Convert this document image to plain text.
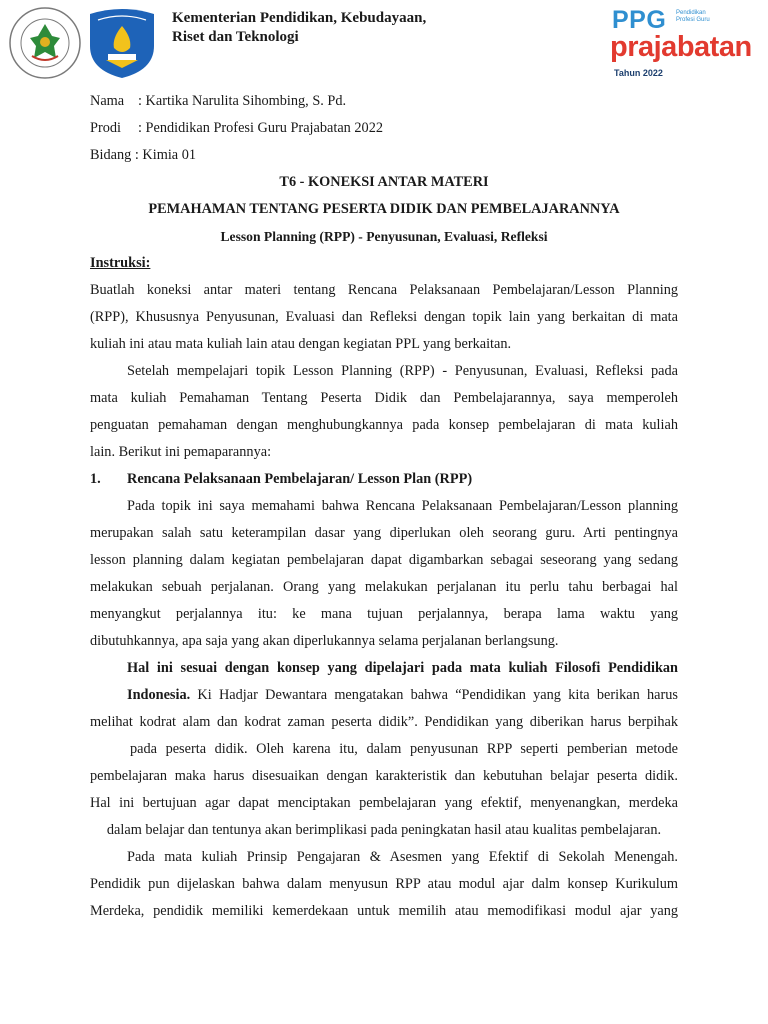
Kementerian Pendidikan, Kebudayaan,
Riset dan Teknologi
PPG Pendidikan Profesi Guru
prajabatan
Tahun 2022
Nama : Kartika Narulita Sihombing, S. Pd.
Prodi : Pendidikan Profesi Guru Prajabatan 2022
Bidang : Kimia 01
T6 - KONEKSI ANTAR MATERI
PEMAHAMAN TENTANG PESERTA DIDIK DAN PEMBELAJARANNYA
Lesson Planning (RPP) - Penyusunan, Evaluasi, Refleksi
Instruksi:
Buatlah koneksi antar materi tentang Rencana Pelaksanaan Pembelajaran/Lesson Planning
(RPP), Khususnya Penyusunan, Evaluasi dan Refleksi dengan topik lain yang berkaitan di mata
kuliah ini atau mata kuliah lain atau dengan kegiatan PPL yang berkaitan.
Setelah mempelajari topik Lesson Planning (RPP) - Penyusunan, Evaluasi, Refleksi pada
mata kuliah Pemahaman Tentang Peserta Didik dan Pembelajarannya, saya memperoleh
penguatan pemahaman dengan menghubungkannya pada konsep pembelajaran di mata kuliah
lain. Berikut ini pemaparannya:
1. Rencana Pelaksanaan Pembelajaran/ Lesson Plan (RPP)
Pada topik ini saya memahami bahwa Rencana Pelaksanaan Pembelajaran/Lesson planning
merupakan salah satu keterampilan dasar yang diperlukan oleh seorang guru. Arti pentingnya
lesson planning dalam kegiatan pembelajaran dapat digambarkan sebagai seseorang yang sedang
melakukan sebuah perjalanan. Orang yang melakukan perjalanan itu perlu tahu berbagai hal
menyangkut perjalannya itu: ke mana tujuan perjalannya, berapa lama waktu yang
dibutuhkannya, apa saja yang akan diperlukannya selama perjalanan berlangsung.
Hal ini sesuai dengan konsep yang dipelajari pada mata kuliah Filosofi Pendidikan
Indonesia. Ki Hadjar Dewantara mengatakan bahwa “Pendidikan yang kita berikan harus
melihat kodrat alam dan kodrat zaman peserta didik”. Pendidikan yang diberikan harus berpihak
pada peserta didik. Oleh karena itu, dalam penyusunan RPP seperti pemberian metode
pembelajaran maka harus disesuaikan dengan karakteristik dan kebutuhan belajar peserta didik.
Hal ini bertujuan agar dapat menciptakan pembelajaran yang efektif, menyenangkan, merdeka
dalam belajar dan tentunya akan berimplikasi pada peningkatan hasil atau kualitas pembelajaran.
Pada mata kuliah Prinsip Pengajaran & Asesmen yang Efektif di Sekolah Menengah.
Pendidik pun dijelaskan bahwa dalam menyusun RPP atau modul ajar dalm konsep Kurikulum
Merdeka, pendidik memiliki kemerdekaan untuk memilih atau memodifikasi modul ajar yang
